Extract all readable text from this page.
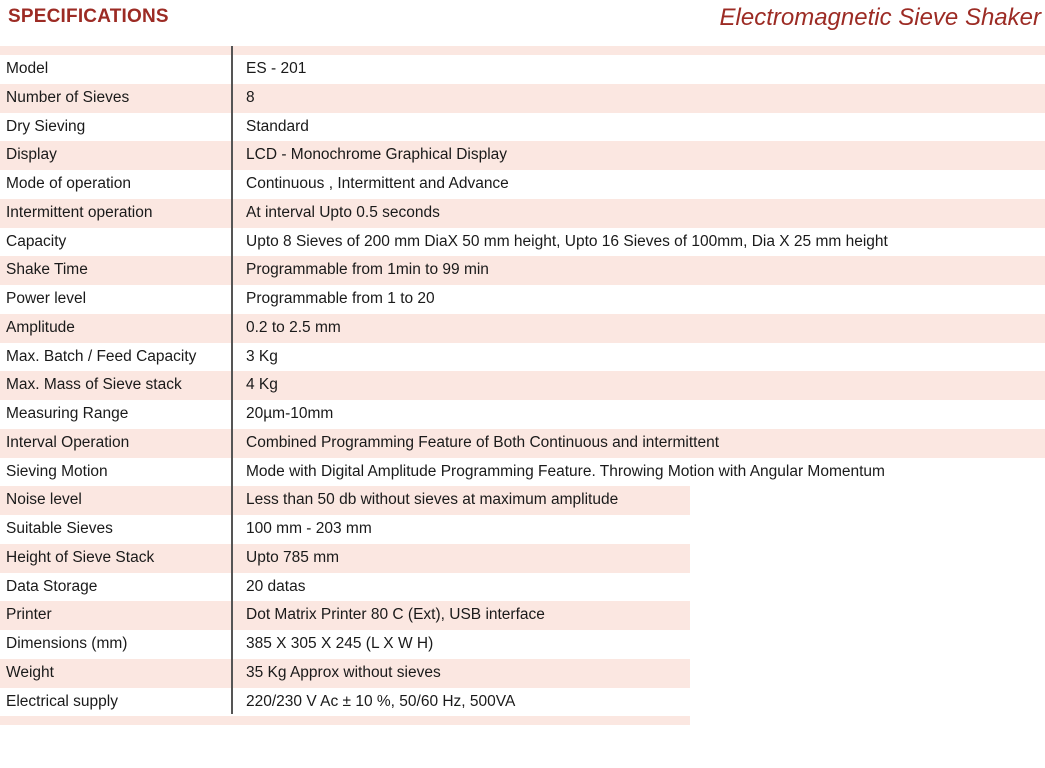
SPECIFICATIONS	Electromagnetic Sieve Shaker
Model	ES - 201
Number of Sieves	8
Dry Sieving	Standard
Display	LCD - Monochrome Graphical Display
Mode of operation	Continuous , Intermittent and Advance
Intermittent operation	At interval Upto 0.5 seconds
Capacity	Upto 8 Sieves of 200 mm DiaX 50 mm height, Upto 16 Sieves of 100mm, Dia X 25 mm height
Shake Time	Programmable from 1min to 99 min
Power level	Programmable from 1 to 20
Amplitude	0.2 to 2.5 mm
Max. Batch / Feed Capacity	3 Kg
Max. Mass of Sieve stack	4 Kg
Measuring Range	20µm-10mm
Interval Operation	Combined Programming Feature of Both Continuous and intermittent
Sieving Motion	Mode with Digital Amplitude Programming Feature. Throwing Motion with Angular Momentum
Noise level	Less than 50 db without sieves at maximum amplitude
Suitable Sieves	100 mm - 203 mm
Height of Sieve Stack	Upto 785 mm
Data Storage	20 datas
Printer	Dot Matrix Printer 80 C (Ext), USB interface
Dimensions (mm)	385 X 305 X 245 (L X W H)
Weight	35 Kg Approx without sieves
Electrical supply	220/230 V Ac ± 10 %, 50/60 Hz, 500VA
